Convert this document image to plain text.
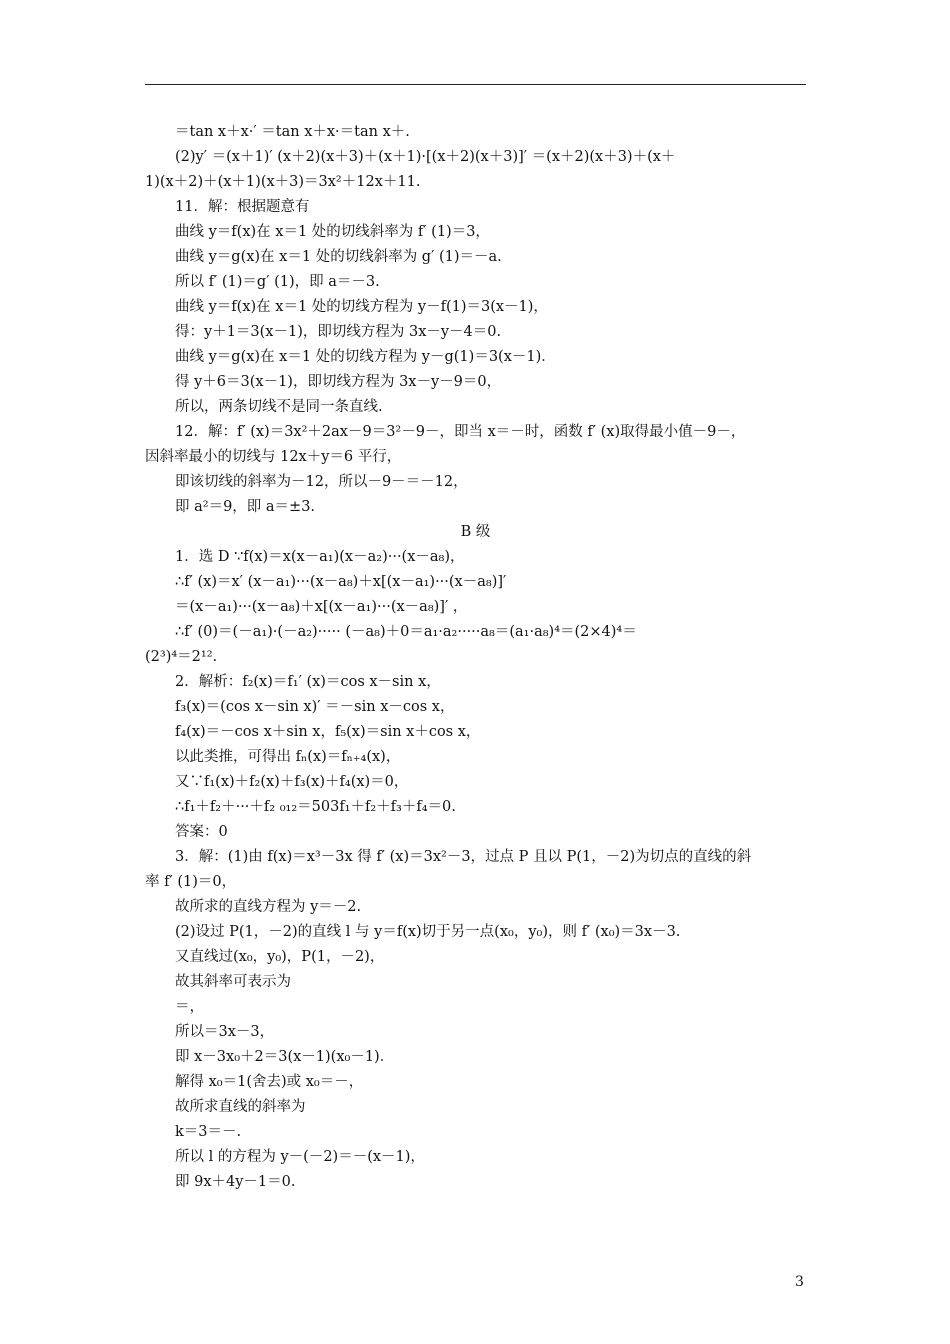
＝tan x＋x·′ ＝tan x＋x·＝tan x＋.
(2)y′ ＝(x＋1)′ (x＋2)(x＋3)＋(x＋1)·[(x＋2)(x＋3)]′ ＝(x＋2)(x＋3)＋(x＋
1)(x＋2)＋(x＋1)(x＋3)＝3x²＋12x＋11.
11．解：根据题意有
曲线 y＝f(x)在 x＝1 处的切线斜率为 f′ (1)＝3，
曲线 y＝g(x)在 x＝1 处的切线斜率为 g′ (1)＝－a.
所以 f′ (1)＝g′ (1)，即 a＝－3.
曲线 y＝f(x)在 x＝1 处的切线方程为 y－f(1)＝3(x－1)，
得：y＋1＝3(x－1)，即切线方程为 3x－y－4＝0.
曲线 y＝g(x)在 x＝1 处的切线方程为 y－g(1)＝3(x－1)．
得 y＋6＝3(x－1)，即切线方程为 3x－y－9＝0，
所以，两条切线不是同一条直线.
12．解：f′ (x)＝3x²＋2ax－9＝3²－9－，即当 x＝－时，函数 f′ (x)取得最小值－9－，
因斜率最小的切线与 12x＋y＝6 平行，
即该切线的斜率为－12，所以－9－＝－12，
即 a²＝9，即 a＝±3.
B 级
1．选 D ∵f(x)＝x(x－a₁)(x－a₂)···(x－a₈)，
∴f′ (x)＝x′ (x－a₁)···(x－a₈)＋x[(x－a₁)···(x－a₈)]′
＝(x－a₁)···(x－a₈)＋x[(x－a₁)···(x－a₈)]′ ，
∴f′ (0)＝(－a₁)·(－a₂)····· (－a₈)＋0＝a₁·a₂·····a₈＝(a₁·a₈)⁴＝(2×4)⁴＝
(2³)⁴＝2¹².
2．解析：f₂(x)＝f₁′ (x)＝cos x－sin x，
f₃(x)＝(cos x－sin x)′ ＝－sin x－cos x，
f₄(x)＝－cos x＋sin x，f₅(x)＝sin x＋cos x，
以此类推，可得出 fₙ(x)＝fₙ₊₄(x)，
又∵f₁(x)＋f₂(x)＋f₃(x)＋f₄(x)＝0，
∴f₁＋f₂＋···＋f₂ ₀₁₂＝503f₁＋f₂＋f₃＋f₄＝0.
答案：0
3．解：(1)由 f(x)＝x³－3x 得 f′ (x)＝3x²－3，过点 P 且以 P(1，－2)为切点的直线的斜
率 f′ (1)＝0，
故所求的直线方程为 y＝－2.
(2)设过 P(1，－2)的直线 l 与 y＝f(x)切于另一点(x₀，y₀)，则 f′ (x₀)＝3x－3.
又直线过(x₀，y₀)，P(1，－2)，
故其斜率可表示为
＝，
所以＝3x－3，
即 x－3x₀＋2＝3(x－1)(x₀－1)．
解得 x₀＝1(舍去)或 x₀＝－，
故所求直线的斜率为
k＝3＝－.
所以 l 的方程为 y－(－2)＝－(x－1)，
即 9x＋4y－1＝0.
3
